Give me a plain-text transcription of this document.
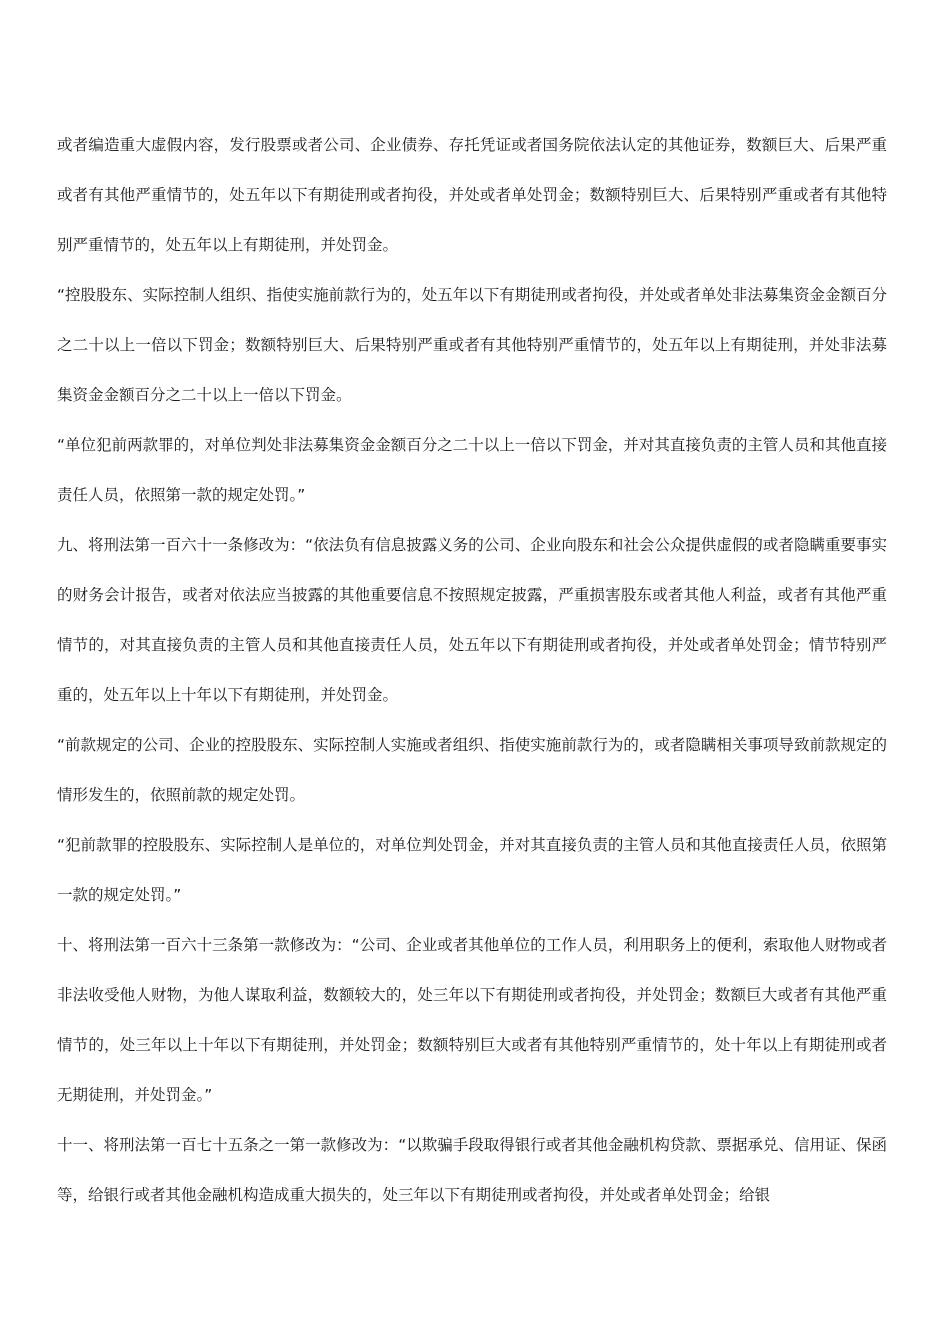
或者编造重大虚假内容，发行股票或者公司、企业债券、存托凭证或者国务院依法认定的其他证券，数额巨大、后果严重或者有其他严重情节的，处五年以下有期徒刑或者拘役，并处或者单处罚金；数额特别巨大、后果特别严重或者有其他特别严重情节的，处五年以上有期徒刑，并处罚金。

“控股股东、实际控制人组织、指使实施前款行为的，处五年以下有期徒刑或者拘役，并处或者单处非法募集资金金额百分之二十以上一倍以下罚金；数额特别巨大、后果特别严重或者有其他特别严重情节的，处五年以上有期徒刑，并处非法募集资金金额百分之二十以上一倍以下罚金。

“单位犯前两款罪的，对单位判处非法募集资金金额百分之二十以上一倍以下罚金，并对其直接负责的主管人员和其他直接责任人员，依照第一款的规定处罚。”

九、将刑法第一百六十一条修改为：“依法负有信息披露义务的公司、企业向股东和社会公众提供虚假的或者隐瞒重要事实的财务会计报告，或者对依法应当披露的其他重要信息不按照规定披露，严重损害股东或者其他人利益，或者有其他严重情节的，对其直接负责的主管人员和其他直接责任人员，处五年以下有期徒刑或者拘役，并处或者单处罚金；情节特别严重的，处五年以上十年以下有期徒刑，并处罚金。

“前款规定的公司、企业的控股股东、实际控制人实施或者组织、指使实施前款行为的，或者隐瞒相关事项导致前款规定的情形发生的，依照前款的规定处罚。

“犯前款罪的控股股东、实际控制人是单位的，对单位判处罚金，并对其直接负责的主管人员和其他直接责任人员，依照第一款的规定处罚。”

十、将刑法第一百六十三条第一款修改为：“公司、企业或者其他单位的工作人员，利用职务上的便利，索取他人财物或者非法收受他人财物，为他人谋取利益，数额较大的，处三年以下有期徒刑或者拘役，并处罚金；数额巨大或者有其他严重情节的，处三年以上十年以下有期徒刑，并处罚金；数额特别巨大或者有其他特别严重情节的，处十年以上有期徒刑或者无期徒刑，并处罚金。”

十一、将刑法第一百七十五条之一第一款修改为：“以欺骗手段取得银行或者其他金融机构贷款、票据承兑、信用证、保函等，给银行或者其他金融机构造成重大损失的，处三年以下有期徒刑或者拘役，并处或者单处罚金；给银
